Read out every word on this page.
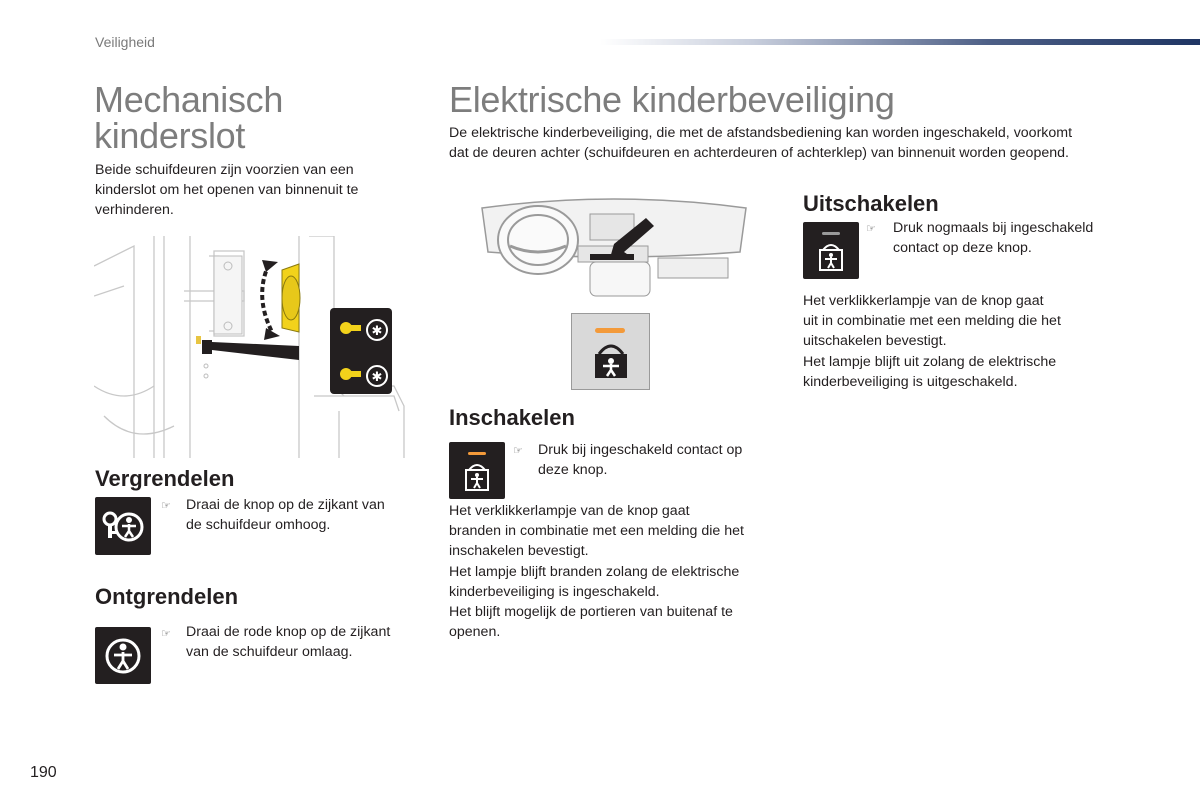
Veiligheid
Mechanisch
kinderslot
Beide schuifdeuren zijn voorzien van een
kinderslot om het openen van binnenuit te
verhinderen.
✱
✱
Vergrendelen
☞ Draai de knop op de zijkant van
de schuifdeur omhoog.
Ontgrendelen
☞ Draai de rode knop op de zijkant
van de schuifdeur omlaag.
Elektrische kinderbeveiliging
De elektrische kinderbeveiliging, die met de afstandsbediening kan worden ingeschakeld, voorkomt
dat de deuren achter (schuifdeuren en achterdeuren of achterklep) van binnenuit worden geopend.
Inschakelen
☞ Druk bij ingeschakeld contact op
deze knop.
Het verklikkerlampje van de knop gaat
branden in combinatie met een melding die het
inschakelen bevestigt.
Het lampje blijft branden zolang de elektrische
kinderbeveiliging is ingeschakeld.
Het blijft mogelijk de portieren van buitenaf te
openen.
Uitschakelen
☞ Druk nogmaals bij ingeschakeld
contact op deze knop.
Het verklikkerlampje van de knop gaat
uit in combinatie met een melding die het
uitschakelen bevestigt.
Het lampje blijft uit zolang de elektrische
kinderbeveiliging is uitgeschakeld.
190
